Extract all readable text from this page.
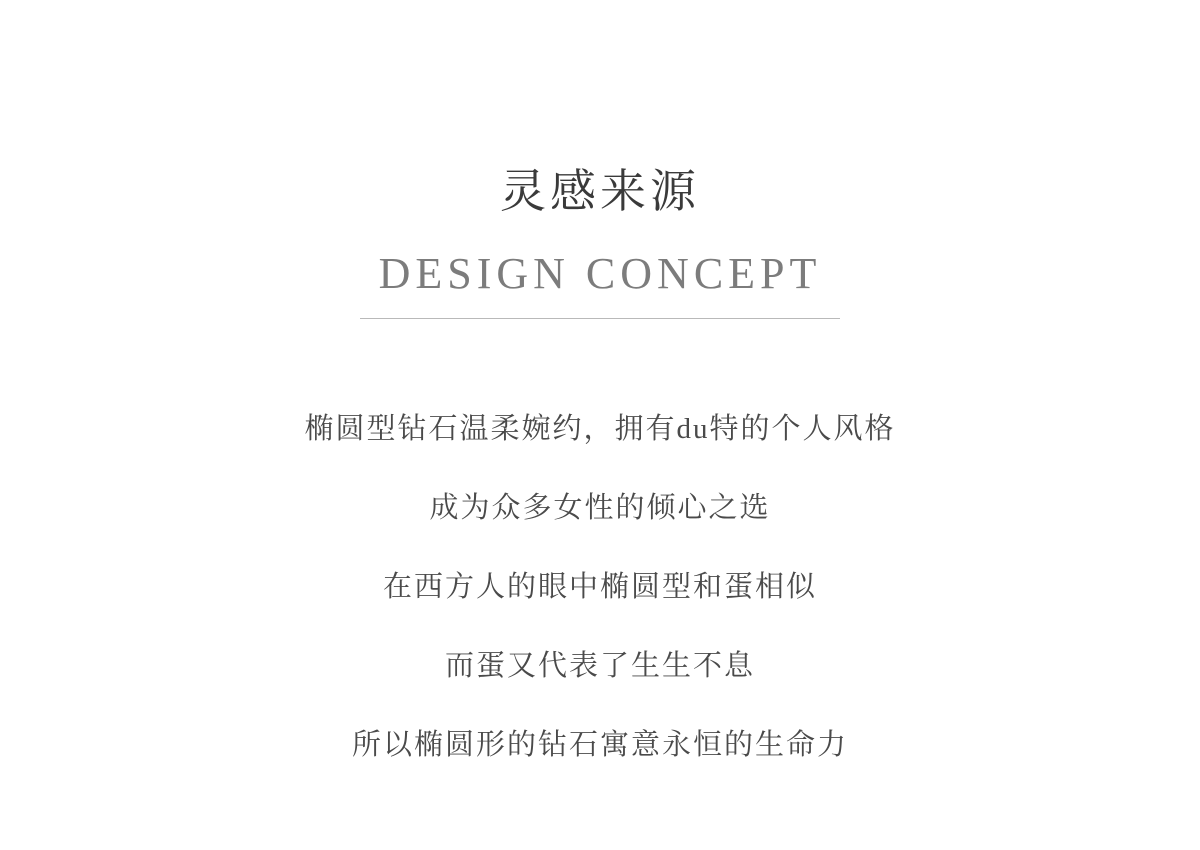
灵感来源
DESIGN CONCEPT
椭圆型钻石温柔婉约，拥有du特的个人风格
成为众多女性的倾心之选
在西方人的眼中椭圆型和蛋相似
而蛋又代表了生生不息
所以椭圆形的钻石寓意永恒的生命力
